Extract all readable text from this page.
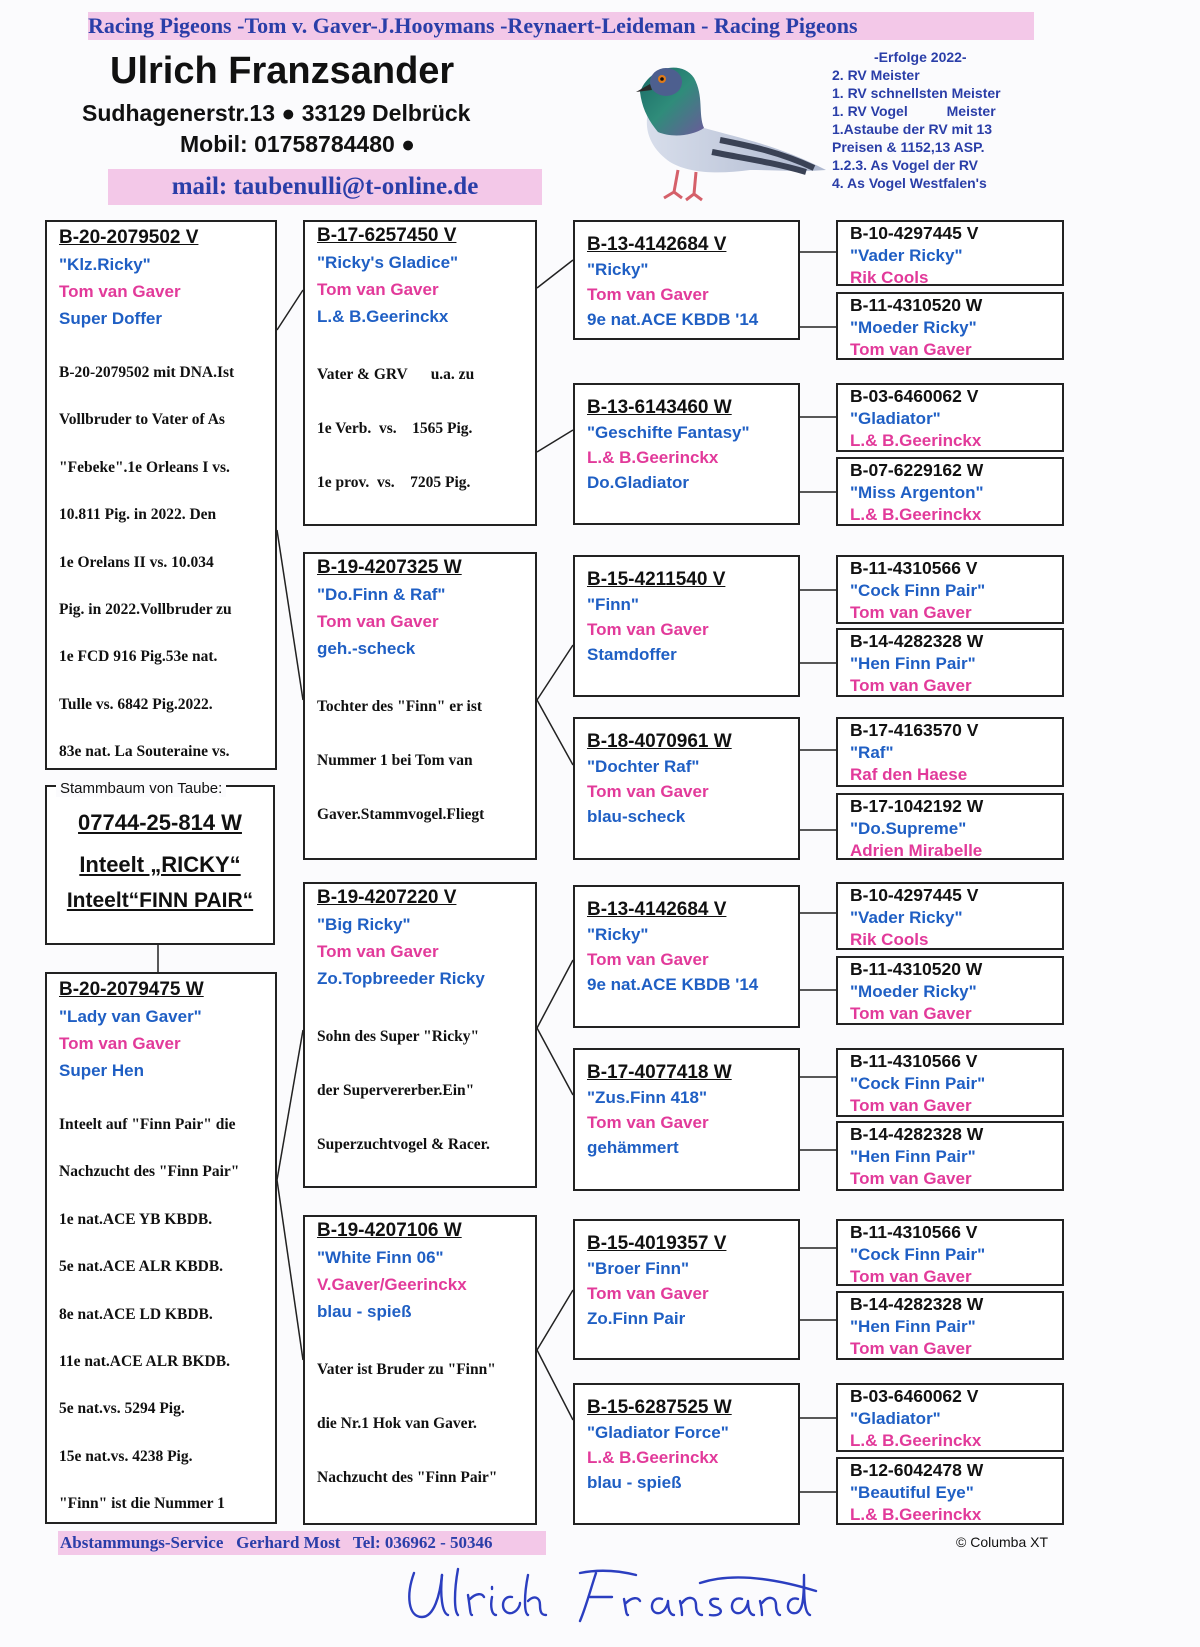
Racing Pigeons -Tom v. Gaver-J.Hooymans -Reynaert-Leideman - Racing Pigeons
Ulrich Franzsander
Sudhagenerstr.13 ● 33129 Delbrück
Mobil: 01758784480 ●
mail: taubenulli@t-online.de
-Erfolge 2022-
2. RV Meister
1. RV schnellsten Meister
1. RV Vogel          Meister
1.Astaube der RV mit 13
Preisen & 1152,13 ASP.
1.2.3. As Vogel der RV
4. As Vogel Westfalen's
B-20-2079502 V
"Klz.Ricky"
Tom van Gaver
Super Doffer

B-20-2079502 mit DNA.Ist

Vollbruder to Vater of As

"Febeke".1e Orleans I vs.

10.811 Pig. in 2022. Den

1e Orelans II vs. 10.034

Pig. in 2022.Vollbruder zu

1e FCD 916 Pig.53e nat.

Tulle vs. 6842 Pig.2022.

83e nat. La Souteraine vs.

Stammbaum von Taube:
07744-25-814 W
Inteelt „RICKY“
Inteelt“FINN PAIR“
B-20-2079475 W
"Lady van Gaver"
Tom van Gaver
Super Hen

Inteelt auf "Finn Pair" die

Nachzucht des "Finn Pair"

1e nat.ACE YB KBDB.

5e nat.ACE ALR KBDB.

8e nat.ACE LD KBDB.

11e nat.ACE ALR BKDB.

5e nat.vs. 5294 Pig.

15e nat.vs. 4238 Pig.

"Finn" ist die Nummer 1

B-17-6257450 V
"Ricky's Gladice"
Tom van Gaver
L.& B.Geerinckx

Vater & GRV      u.a. zu

1e Verb.  vs.    1565 Pig.

1e prov.  vs.    7205 Pig.

B-19-4207325 W
"Do.Finn & Raf"
Tom van Gaver
geh.-scheck

Tochter des "Finn" er ist

Nummer 1 bei Tom van

Gaver.Stammvogel.Fliegt

B-19-4207220 V
"Big Ricky"
Tom van Gaver
Zo.Topbreeder Ricky

Sohn des Super "Ricky"

der Supervererber.Ein"

Superzuchtvogel & Racer.

B-19-4207106 W
"White Finn 06"
V.Gaver/Geerinckx
blau - spieß

Vater ist Bruder zu "Finn"

die Nr.1 Hok van Gaver.

Nachzucht des "Finn Pair"

B-13-4142684 V
"Ricky"
Tom van Gaver
9e nat.ACE KBDB '14
B-13-6143460 W
"Geschifte Fantasy"
L.& B.Geerinckx
Do.Gladiator
B-15-4211540 V
"Finn"
Tom van Gaver
Stamdoffer
B-18-4070961 W
"Dochter Raf"
Tom van Gaver
blau-scheck
B-13-4142684 V
"Ricky"
Tom van Gaver
9e nat.ACE KBDB '14
B-17-4077418 W
"Zus.Finn 418"
Tom van Gaver
gehämmert
B-15-4019357 V
"Broer Finn"
Tom van Gaver
Zo.Finn Pair
B-15-6287525 W
"Gladiator Force"
L.& B.Geerinckx
blau - spieß
B-10-4297445 V
"Vader Ricky"
Rik Cools
B-11-4310520 W
"Moeder Ricky"
Tom van Gaver
B-03-6460062 V
"Gladiator"
L.& B.Geerinckx
B-07-6229162 W
"Miss Argenton"
L.& B.Geerinckx
B-11-4310566 V
"Cock Finn Pair"
Tom van Gaver
B-14-4282328 W
"Hen Finn Pair"
Tom van Gaver
B-17-4163570 V
"Raf"
Raf den Haese
B-17-1042192 W
"Do.Supreme"
Adrien Mirabelle
B-10-4297445 V
"Vader Ricky"
Rik Cools
B-11-4310520 W
"Moeder Ricky"
Tom van Gaver
B-11-4310566 V
"Cock Finn Pair"
Tom van Gaver
B-14-4282328 W
"Hen Finn Pair"
Tom van Gaver
B-11-4310566 V
"Cock Finn Pair"
Tom van Gaver
B-14-4282328 W
"Hen Finn Pair"
Tom van Gaver
B-03-6460062 V
"Gladiator"
L.& B.Geerinckx
B-12-6042478 W
"Beautiful Eye"
L.& B.Geerinckx
Abstammungs-Service   Gerhard Most   Tel: 036962 - 50346	© Columba XT
